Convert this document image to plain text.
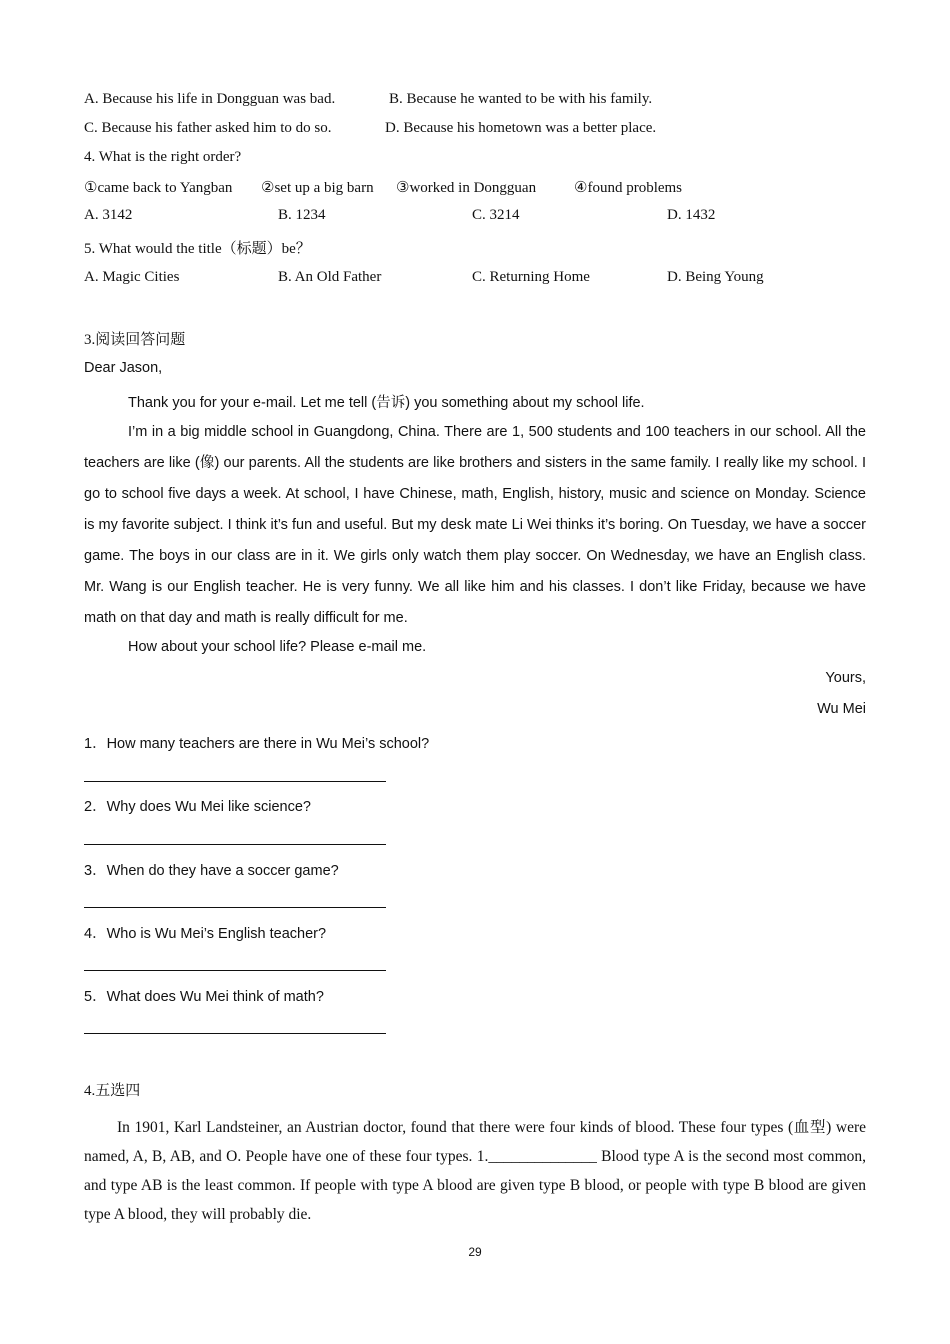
A. Because his life in Dongguan was bad.	B. Because he wanted to be with his family.
C. Because his father asked him to do so.	D. Because his hometown was a better place.
4. What is the right order?
①came back to Yangban ②set up a big barn ③worked in Dongguan	④found problems
A. 3142	B. 1234	C. 3214	D. 1432
5. What would the title（标题）be？
A. Magic Cities	B. An Old Father	C. Returning Home	D. Being Young
3.阅读回答问题
Dear Jason,
Thank you for your e-mail. Let me tell (告诉) you something about my school life.
I’m in a big middle school in Guangdong, China. There are 1, 500 students and 100 teachers in our school. All the teachers are like (像) our parents. All the students are like brothers and sisters in the same family. I really like my school. I go to school five days a week. At school, I have Chinese, math, English, history, music and science on Monday. Science is my favorite subject. I think it’s fun and useful. But my desk mate Li Wei thinks it’s boring. On Tuesday, we have a soccer game. The boys in our class are in it. We girls only watch them play soccer. On Wednesday, we have an English class. Mr. Wang is our English teacher. He is very funny. We all like him and his classes. I don’t like Friday, because we have math on that day and math is really difficult for me.
How about your school life? Please e-mail me.
Yours,
Wu Mei
1．How many teachers are there in Wu Mei’s school?
2．Why does Wu Mei like science?
3．When do they have a soccer game?
4．Who is Wu Mei’s English teacher?
5．What does Wu Mei think of math?
4.五选四
In 1901, Karl Landsteiner, an Austrian doctor, found that there were four kinds of blood. These four types (血型) were named, A, B, AB, and O. People have one of these four types. 1.______________ Blood type A is the second most common, and type AB is the least common. If people with type A blood are given type B blood, or people with type B blood are given type A blood, they will probably die.
29
